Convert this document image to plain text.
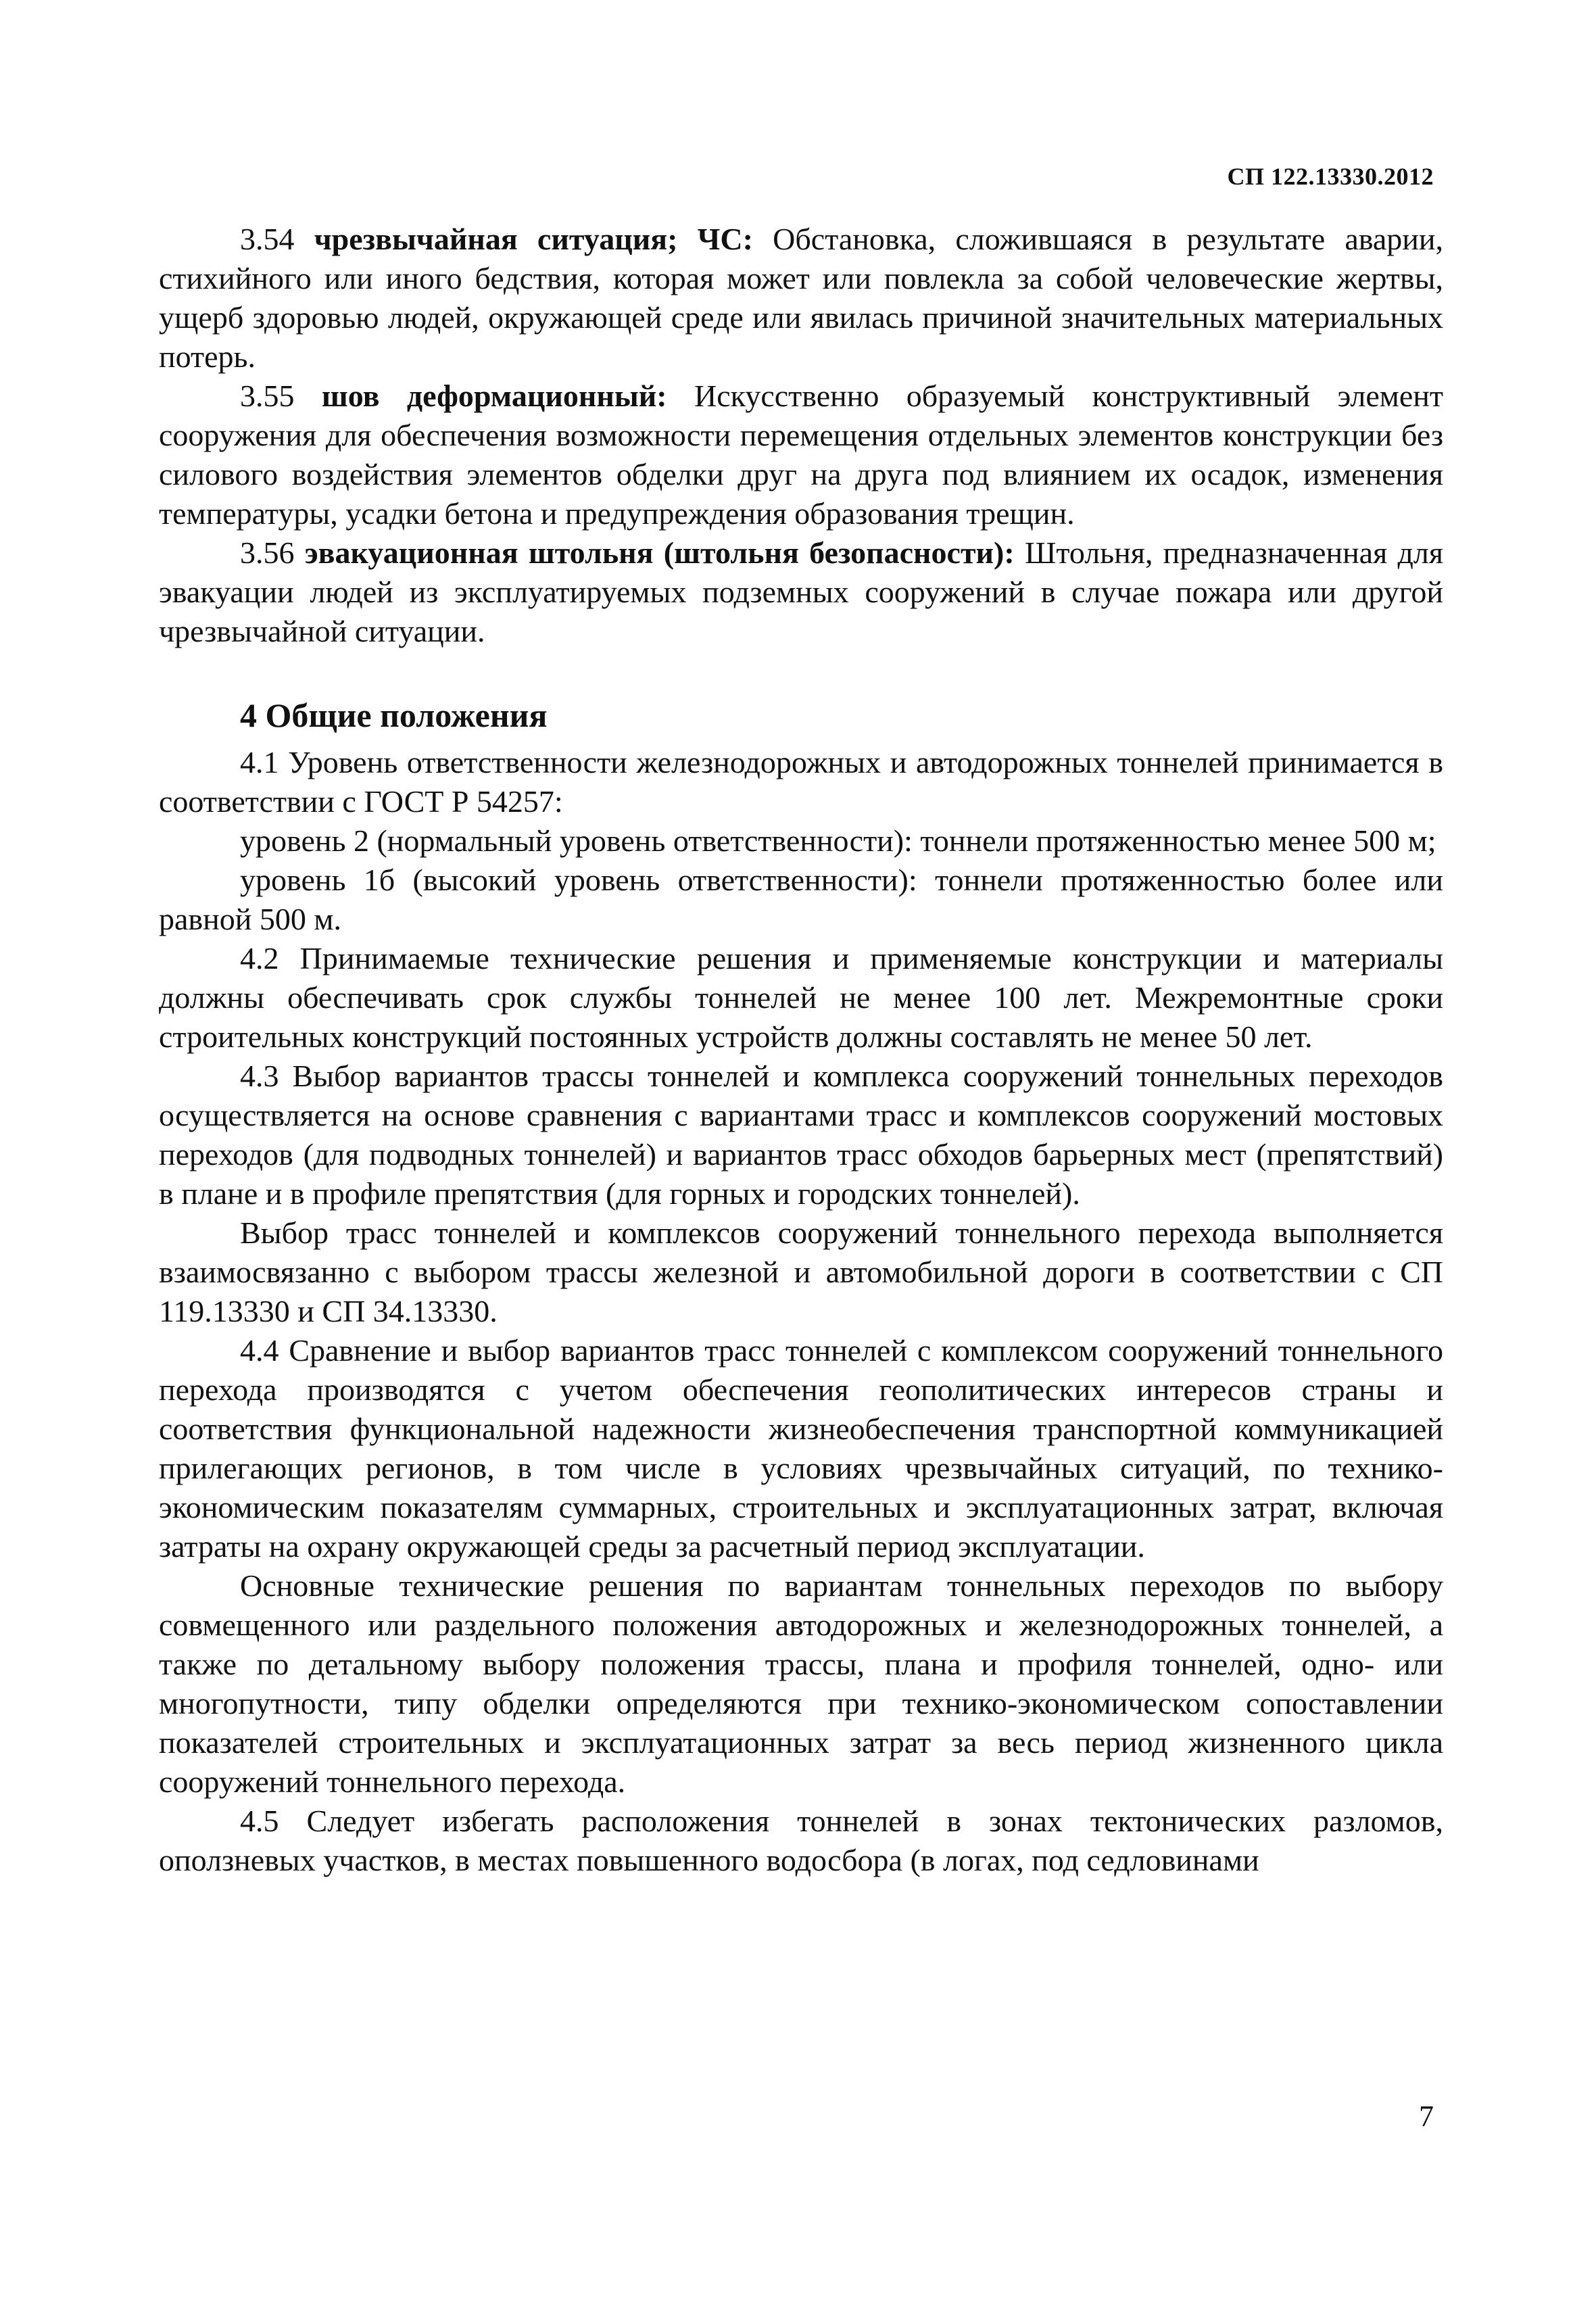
СП 122.13330.2012

3.54 чрезвычайная ситуация; ЧС: Обстановка, сложившаяся в результате аварии, стихийного или иного бедствия, которая может или повлекла за собой человеческие жертвы, ущерб здоровью людей, окружающей среде или явилась причиной значительных материальных потерь.

3.55 шов деформационный: Искусственно образуемый конструктивный элемент сооружения для обеспечения возможности перемещения отдельных элементов конструкции без силового воздействия элементов обделки друг на друга под влиянием их осадок, изменения температуры, усадки бетона и предупреждения образования трещин.

3.56 эвакуационная штольня (штольня безопасности): Штольня, предназначенная для эвакуации людей из эксплуатируемых подземных сооружений в случае пожара или другой чрезвычайной ситуации.

4 Общие положения

4.1 Уровень ответственности железнодорожных и автодорожных тоннелей принимается в соответствии с ГОСТ Р 54257:

уровень 2 (нормальный уровень ответственности): тоннели протяженностью менее 500 м;

уровень 1б (высокий уровень ответственности): тоннели протяженностью более или равной 500 м.

4.2 Принимаемые технические решения и применяемые конструкции и материалы должны обеспечивать срок службы тоннелей не менее 100 лет. Межремонтные сроки строительных конструкций постоянных устройств должны составлять не менее 50 лет.

4.3 Выбор вариантов трассы тоннелей и комплекса сооружений тоннельных переходов осуществляется на основе сравнения с вариантами трасс и комплексов сооружений мостовых переходов (для подводных тоннелей) и вариантов трасс обходов барьерных мест (препятствий) в плане и в профиле препятствия (для горных и городских тоннелей).

Выбор трасс тоннелей и комплексов сооружений тоннельного перехода выполняется взаимосвязанно с выбором трассы железной и автомобильной дороги в соответствии с СП 119.13330 и СП 34.13330.

4.4 Сравнение и выбор вариантов трасс тоннелей с комплексом сооружений тоннельного перехода производятся с учетом обеспечения геополитических интересов страны и соответствия функциональной надежности жизнеобеспечения транспортной коммуникацией прилегающих регионов, в том числе в условиях чрезвычайных ситуаций, по технико-экономическим показателям суммарных, строительных и эксплуатационных затрат, включая затраты на охрану окружающей среды за расчетный период эксплуатации.

Основные технические решения по вариантам тоннельных переходов по выбору совмещенного или раздельного положения автодорожных и железнодорожных тоннелей, а также по детальному выбору положения трассы, плана и профиля тоннелей, одно- или многопутности, типу обделки определяются при технико-экономическом сопоставлении показателей строительных и эксплуатационных затрат за весь период жизненного цикла сооружений тоннельного перехода.

4.5 Следует избегать расположения тоннелей в зонах тектонических разломов, оползневых участков, в местах повышенного водосбора (в логах, под седловинами

7
